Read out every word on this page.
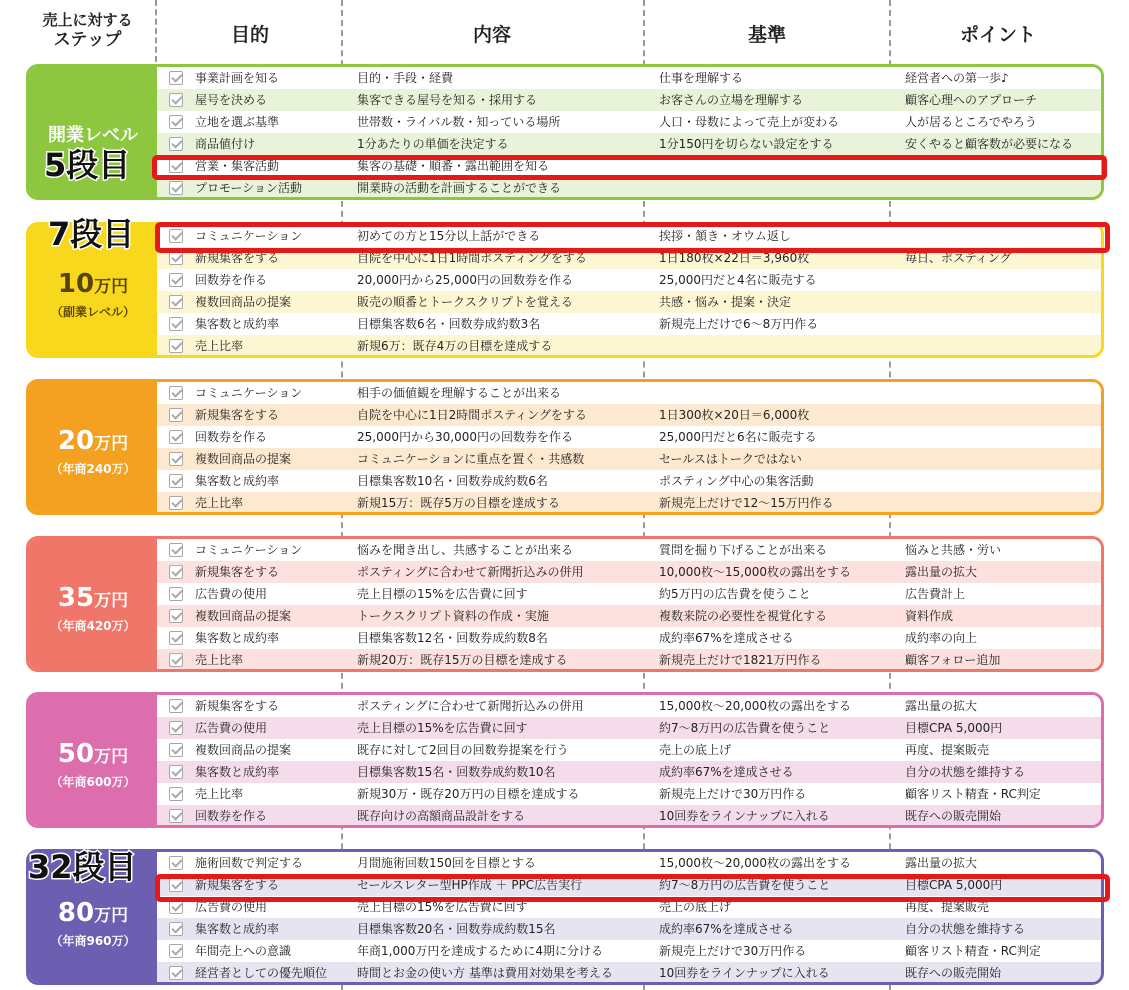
売上に対する
ステップ	目的	内容	基準	ポイント
開業レベル
事業計画を知る	目的・手段・経費	仕事を理解する	経営者への第一歩♪
屋号を決める	集客できる屋号を知る・採用する	お客さんの立場を理解する	顧客心理へのアプローチ
立地を選ぶ基準	世帯数・ライバル数・知っている場所	人口・母数によって売上が変わる	人が居るところでやろう
商品値付け	1分あたりの単価を決定する	1分150円を切らない設定をする	安くやると顧客数が必要になる
営業・集客活動	集客の基礎・順番・露出範囲を知る
プロモーション活動	開業時の活動を計画することができる
10万円
（副業レベル）
コミュニケーション	初めての方と15分以上話ができる	挨拶・頷き・オウム返し
新規集客をする	自院を中心に1日1時間ポスティングをする	1日180枚×22日＝3,960枚	毎日、ポスティング
回数券を作る	20,000円から25,000円の回数券を作る	25,000円だと4名に販売する
複数回商品の提案	販売の順番とトークスクリプトを覚える	共感・悩み・提案・決定
集客数と成約率	目標集客数6名・回数券成約数3名	新規売上だけで6〜8万円作る
売上比率	新規6万：既存4万の目標を達成する
20万円
（年商240万）
コミュニケーション	相手の価値観を理解することが出来る
新規集客をする	自院を中心に1日2時間ポスティングをする	1日300枚×20日＝6,000枚
回数券を作る	25,000円から30,000円の回数券を作る	25,000円だと6名に販売する
複数回商品の提案	コミュニケーションに重点を置く・共感数	セールスはトークではない
集客数と成約率	目標集客数10名・回数券成約数6名	ポスティング中心の集客活動
売上比率	新規15万：既存5万の目標を達成する	新規売上だけで12〜15万円作る
35万円
（年商420万）
コミュニケーション	悩みを聞き出し、共感することが出来る	質問を掘り下げることが出来る	悩みと共感・労い
新規集客をする	ポスティングに合わせて新聞折込みの併用	10,000枚〜15,000枚の露出をする	露出量の拡大
広告費の使用	売上目標の15%を広告費に回す	約5万円の広告費を使うこと	広告費計上
複数回商品の提案	トークスクリプト資料の作成・実施	複数来院の必要性を視覚化する	資料作成
集客数と成約率	目標集客数12名・回数券成約数8名	成約率67%を達成させる	成約率の向上
売上比率	新規20万：既存15万の目標を達成する	新規売上だけで1821万円作る	顧客フォロー追加
50万円
（年商600万）
新規集客をする	ポスティングに合わせて新聞折込みの併用	15,000枚〜20,000枚の露出をする	露出量の拡大
広告費の使用	売上目標の15%を広告費に回す	約7〜8万円の広告費を使うこと	目標CPA 5,000円
複数回商品の提案	既存に対して2回目の回数券提案を行う	売上の底上げ	再度、提案販売
集客数と成約率	目標集客数15名・回数券成約数10名	成約率67%を達成させる	自分の状態を維持する
売上比率	新規30万・既存20万円の目標を達成する	新規売上だけで30万円作る	顧客リスト精査・RC判定
回数券を作る	既存向けの高額商品設計をする	10回券をラインナップに入れる	既存への販売開始
80万円
（年商960万）
施術回数で判定する	月間施術回数150回を目標とする	15,000枚〜20,000枚の露出をする	露出量の拡大
新規集客をする	セールスレター型HP作成 ＋ PPC広告実行	約7〜8万円の広告費を使うこと	目標CPA 5,000円
広告費の使用	売上目標の15%を広告費に回す	売上の底上げ	再度、提案販売
集客数と成約率	目標集客数20名・回数券成約数15名	成約率67%を達成させる	自分の状態を維持する
年間売上への意識	年商1,000万円を達成するために4期に分ける	新規売上だけで30万円作る	顧客リスト精査・RC判定
経営者としての優先順位	時間とお金の使い方 基準は費用対効果を考える	10回券をラインナップに入れる	既存への販売開始
5段目
7段目
32段目
